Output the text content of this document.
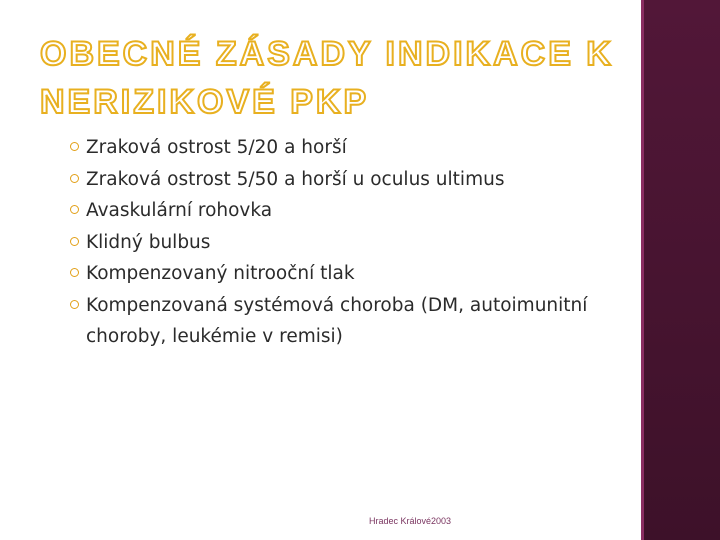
OBECNÉ ZÁSADY INDIKACE K NERIZIKOVÉ PKP
Zraková ostrost 5/20 a horší
Zraková ostrost 5/50 a horší u oculus ultimus
Avaskulární rohovka
Klidný bulbus
Kompenzovaný nitrooční tlak
Kompenzovaná systémová choroba (DM, autoimunitní choroby, leukémie v remisi)
Hradec Králové2003
